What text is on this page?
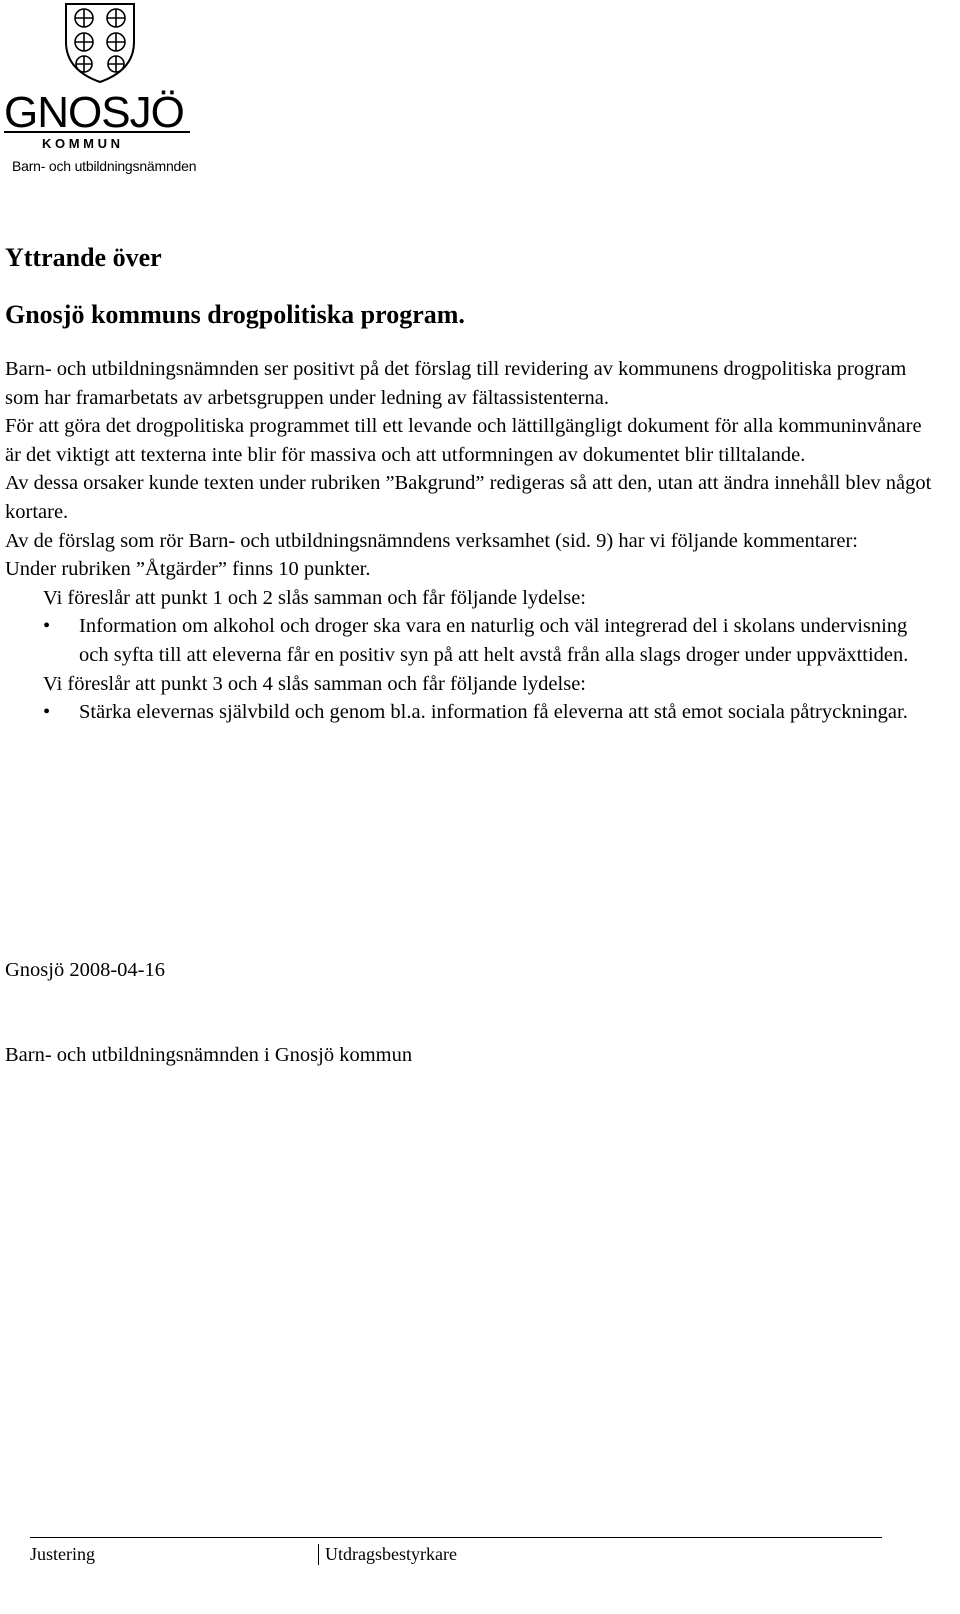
GNOSJÖ
K O M M U N
Barn- och utbildningsnämnden
Yttrande över
Gnosjö kommuns drogpolitiska program.

Barn- och utbildningsnämnden ser positivt på det förslag till revidering av kommunens drogpolitiska program som har framarbetats av arbetsgruppen under ledning av fältassistenterna.

För att göra det drogpolitiska programmet till ett levande och lättillgängligt dokument för alla kommuninvånare är det viktigt att texterna inte blir för massiva och att utformningen av dokumentet blir tilltalande.

Av dessa orsaker kunde texten under rubriken ”Bakgrund” redigeras så att den, utan att ändra innehåll blev något kortare.

Av de förslag som rör Barn- och utbildningsnämndens verksamhet (sid. 9) har vi följande kommentarer:

Under rubriken ”Åtgärder” finns 10 punkter.

Vi föreslår att punkt 1 och 2 slås samman och får följande lydelse:

•	Information om alkohol och droger ska vara en naturlig och väl integrerad del i skolans undervisning och syfta till att eleverna får en positiv syn på att helt avstå från alla slags droger under uppväxttiden.

Vi föreslår att punkt 3 och 4 slås samman och får följande lydelse:

•	Stärka elevernas självbild och genom bl.a. information få eleverna att stå emot sociala påtryckningar.
Gnosjö 2008-04-16
Barn- och utbildningsnämnden i Gnosjö kommun
Justering	Utdragsbestyrkare
